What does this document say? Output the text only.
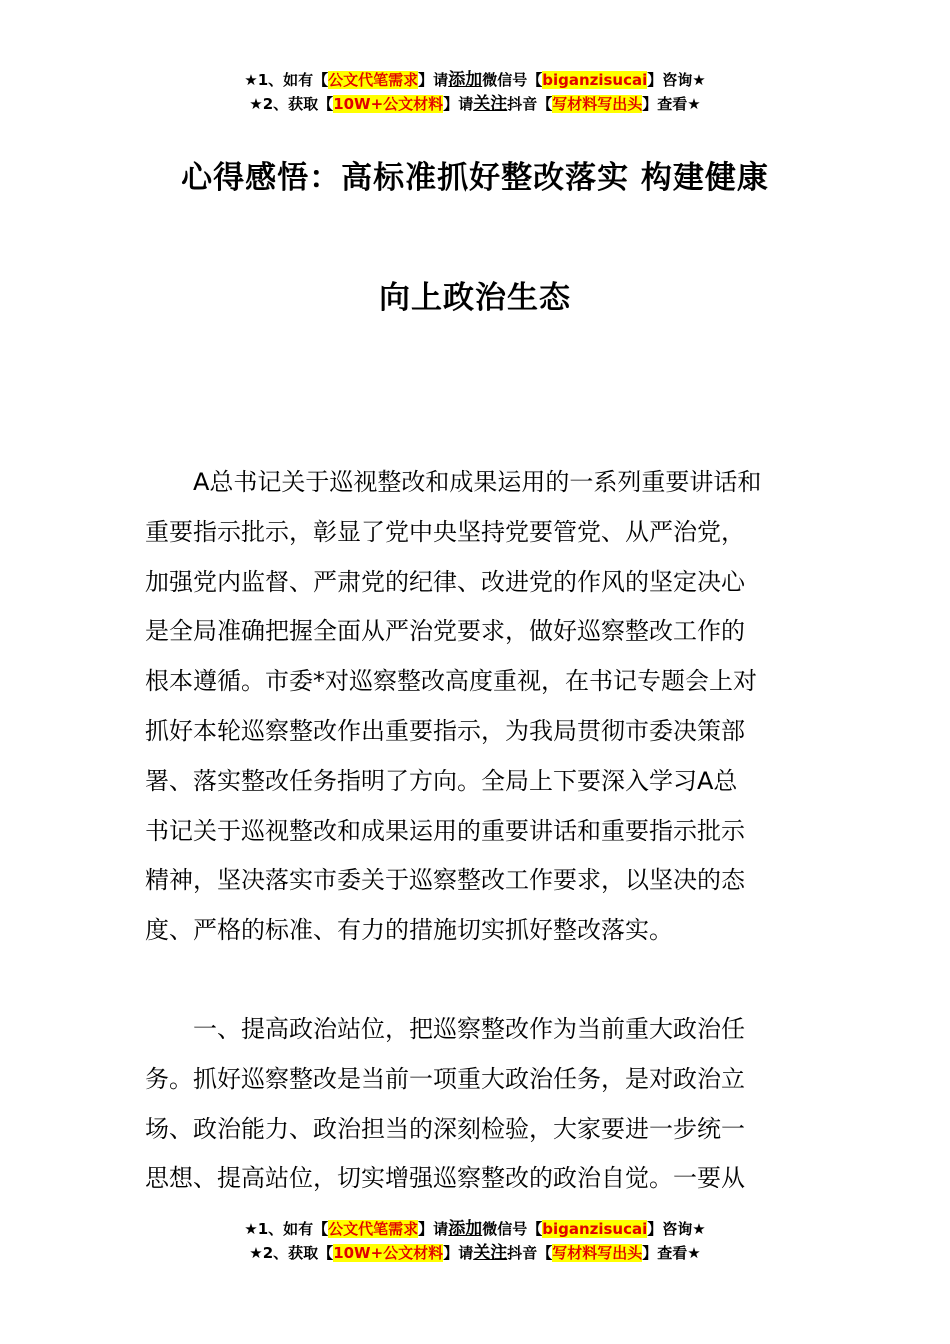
★1、如有【公文代笔需求】请添加微信号【biganzisucai】咨询★
★2、获取【10W+公文材料】请关注抖音【写材料写出头】查看★
心得感悟：高标准抓好整改落实 构建健康
向上政治生态
A总书记关于巡视整改和成果运用的一系列重要讲话和
重要指示批示，彰显了党中央坚持党要管党、从严治党，
加强党内监督、严肃党的纪律、改进党的作风的坚定决心
是全局准确把握全面从严治党要求，做好巡察整改工作的
根本遵循。市委*对巡察整改高度重视，在书记专题会上对
抓好本轮巡察整改作出重要指示，为我局贯彻市委决策部
署、落实整改任务指明了方向。全局上下要深入学习A总
书记关于巡视整改和成果运用的重要讲话和重要指示批示
精神，坚决落实市委关于巡察整改工作要求，以坚决的态
度、严格的标准、有力的措施切实抓好整改落实。
一、提高政治站位，把巡察整改作为当前重大政治任
务。抓好巡察整改是当前一项重大政治任务，是对政治立
场、政治能力、政治担当的深刻检验，大家要进一步统一
思想、提高站位，切实增强巡察整改的政治自觉。一要从
★1、如有【公文代笔需求】请添加微信号【biganzisucai】咨询★
★2、获取【10W+公文材料】请关注抖音【写材料写出头】查看★
